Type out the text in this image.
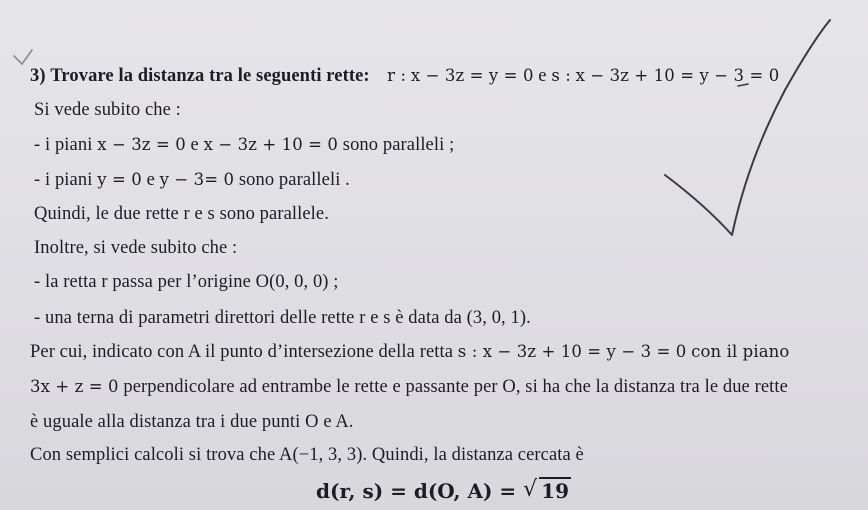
3) Trovare la distanza tra le seguenti rette: r : x − 3z = y = 0 e s : x − 3z + 10 = y − 3 = 0
Si vede subito che :
- i piani x − 3z = 0 e x − 3z + 10 = 0 sono paralleli ;
- i piani y = 0 e y − 3= 0 sono paralleli .
Quindi, le due rette r e s sono parallele.
Inoltre, si vede subito che :
- la retta r passa per l’origine O(0, 0, 0) ;
- una terna di parametri direttori delle rette r e s è data da (3, 0, 1).
Per cui, indicato con A il punto d’intersezione della retta s : x − 3z + 10 = y − 3 = 0 con il piano
3x + z = 0 perpendicolare ad entrambe le rette e passante per O, si ha che la distanza tra le due rette
è uguale alla distanza tra i due punti O e A.
Con semplici calcoli si trova che A(−1, 3, 3). Quindi, la distanza cercata è
d(r, s) = d(O, A) = √ 19
